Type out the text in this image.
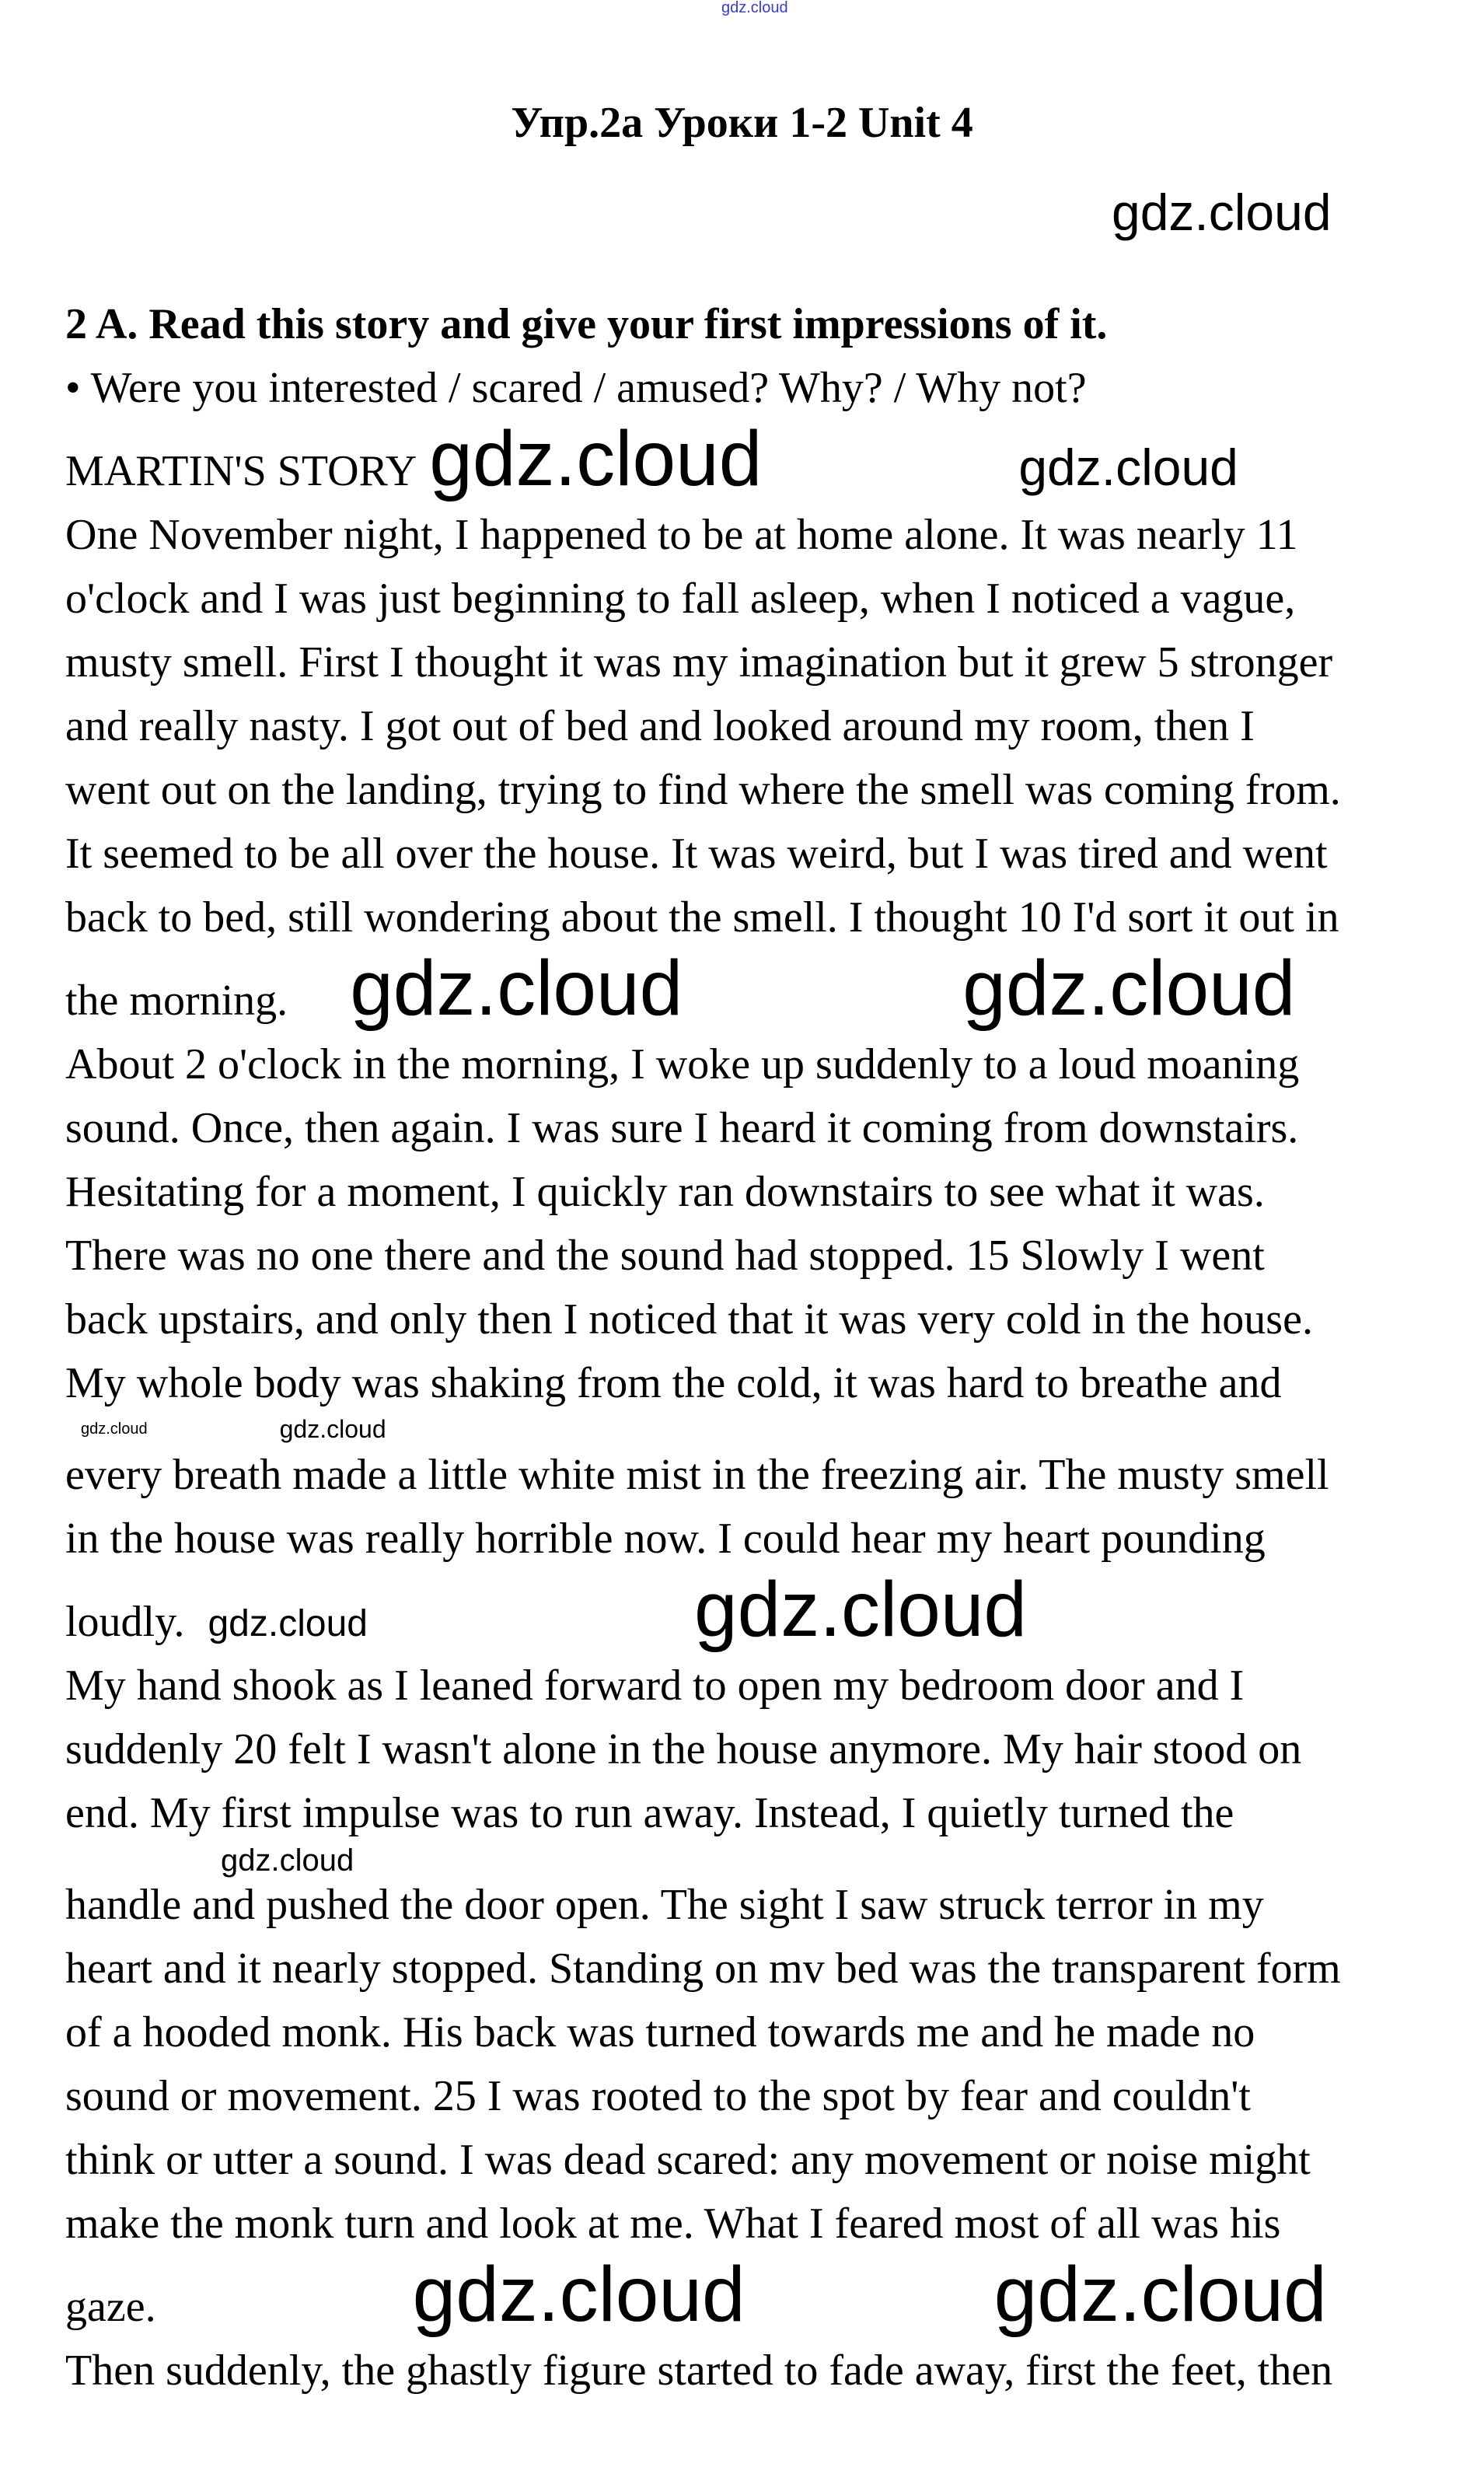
gdz.cloud
Упр.2а Уроки 1-2 Unit 4
gdz.cloud
2 A. Read this story and give your first impressions of it.
• Were you interested / scared / amused? Why? / Why not?
MARTIN'S STORY gdz.cloud	gdz.cloud
One November night, I happened to be at home alone. It was nearly 11
o'clock and I was just beginning to fall asleep, when I noticed a vague,
musty smell. First I thought it was my imagination but it grew 5 stronger
and really nasty. I got out of bed and looked around my room, then I
went out on the landing, trying to find where the smell was coming from.
It seemed to be all over the house. It was weird, but I was tired and went
back to bed, still wondering about the smell. I thought 10 I'd sort it out in
the morning. gdz.cloud	gdz.cloud
About 2 o'clock in the morning, I woke up suddenly to a loud moaning
sound. Once, then again. I was sure I heard it coming from downstairs.
Hesitating for a moment, I quickly ran downstairs to see what it was.
There was no one there and the sound had stopped. 15 Slowly I went
back upstairs, and only then I noticed that it was very cold in the house.
My whole body was shaking from the cold, it was hard to breathe and
gdz.cloud	gdz.cloud
every breath made a little white mist in the freezing air. The musty smell
in the house was really horrible now. I could hear my heart pounding
loudly. gdz.cloud	gdz.cloud
My hand shook as I leaned forward to open my bedroom door and I
suddenly 20 felt I wasn't alone in the house anymore. My hair stood on
end. My first impulse was to run away. Instead, I quietly turned the
gdz.cloud
handle and pushed the door open. The sight I saw struck terror in my
heart and it nearly stopped. Standing on mv bed was the transparent form
of a hooded monk. His back was turned towards me and he made no
sound or movement. 25 I was rooted to the spot by fear and couldn't
think or utter a sound. I was dead scared: any movement or noise might
make the monk turn and look at me. What I feared most of all was his
gaze.	gdz.cloud	gdz.cloud
Then suddenly, the ghastly figure started to fade away, first the feet, then
